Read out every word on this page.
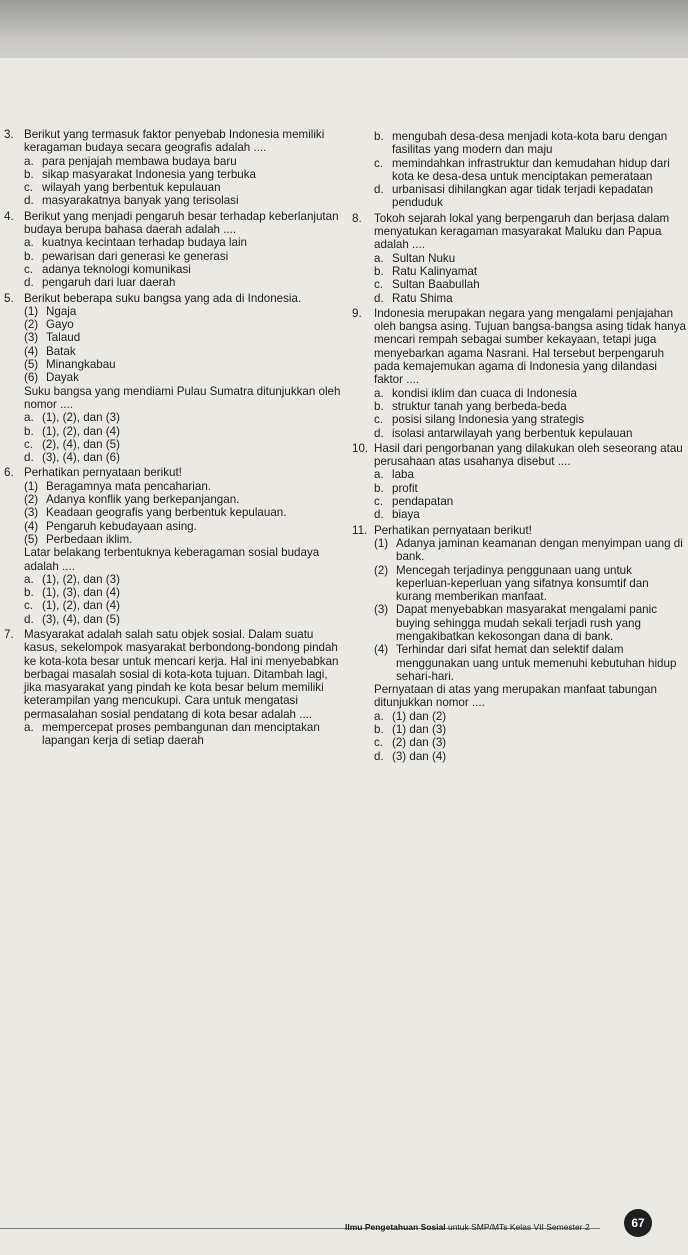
3. Berikut yang termasuk faktor penyebab Indonesia memiliki keragaman budaya secara geografis adalah ....
a. para penjajah membawa budaya baru
b. sikap masyarakat Indonesia yang terbuka
c. wilayah yang berbentuk kepulauan
d. masyarakatnya banyak yang terisolasi
4. Berikut yang menjadi pengaruh besar terhadap keberlanjutan budaya berupa bahasa daerah adalah ....
a. kuatnya kecintaan terhadap budaya lain
b. pewarisan dari generasi ke generasi
c. adanya teknologi komunikasi
d. pengaruh dari luar daerah
5. Berikut beberapa suku bangsa yang ada di Indonesia.
(1) Ngaja
(2) Gayo
(3) Talaud
(4) Batak
(5) Minangkabau
(6) Dayak
Suku bangsa yang mendiami Pulau Sumatra ditunjukkan oleh nomor ....
a. (1), (2), dan (3)
b. (1), (2), dan (4)
c. (2), (4), dan (5)
d. (3), (4), dan (6)
6. Perhatikan pernyataan berikut!
(1) Beragamnya mata pencaharian.
(2) Adanya konflik yang berkepanjangan.
(3) Keadaan geografis yang berbentuk kepulauan.
(4) Pengaruh kebudayaan asing.
(5) Perbedaan iklim.
Latar belakang terbentuknya keberagaman sosial budaya adalah ....
a. (1), (2), dan (3)
b. (1), (3), dan (4)
c. (1), (2), dan (4)
d. (3), (4), dan (5)
7. Masyarakat adalah salah satu objek sosial. Dalam suatu kasus, sekelompok masyarakat berbondong-bondong pindah ke kota-kota besar untuk mencari kerja. Hal ini menyebabkan berbagai masalah sosial di kota-kota tujuan. Ditambah lagi, jika masyarakat yang pindah ke kota besar belum memiliki keterampilan yang mencukupi. Cara untuk mengatasi permasalahan sosial pendatang di kota besar adalah ....
a. mempercepat proses pembangunan dan menciptakan lapangan kerja di setiap daerah
b. mengubah desa-desa menjadi kota-kota baru dengan fasilitas yang modern dan maju
c. memindahkan infrastruktur dan kemudahan hidup dari kota ke desa-desa untuk menciptakan pemerataan
d. urbanisasi dihilangkan agar tidak terjadi kepadatan penduduk
8.	Tokoh sejarah lokal yang berpengaruh dan berjasa dalam menyatukan keragaman masyarakat Maluku dan Papua adalah ....
a. Sultan Nuku
b. Ratu Kalinyamat
c. Sultan Baabullah
d. Ratu Shima
9.	Indonesia merupakan negara yang mengalami penjajahan oleh bangsa asing. Tujuan bangsa-bangsa asing tidak hanya mencari rempah sebagai sumber kekayaan, tetapi juga menyebarkan agama Nasrani. Hal tersebut berpengaruh pada kemajemukan agama di Indonesia yang dilandasi faktor ....
a. kondisi iklim dan cuaca di Indonesia
b. struktur tanah yang berbeda-beda
c. posisi silang Indonesia yang strategis
d. isolasi antarwilayah yang berbentuk kepulauan
10. Hasil dari pengorbanan yang dilakukan oleh seseorang atau perusahaan atas usahanya disebut ....
a. laba
b. profit
c. pendapatan
d. biaya
11. Perhatikan pernyataan berikut!
(1) Adanya jaminan keamanan dengan menyimpan uang di bank.
(2) Mencegah terjadinya penggunaan uang untuk keperluan-keperluan yang sifatnya konsumtif dan kurang memberikan manfaat.
(3) Dapat menyebabkan masyarakat mengalami panic buying sehingga mudah sekali terjadi rush yang mengakibatkan kekosongan dana di bank.
(4) Terhindar dari sifat hemat dan selektif dalam menggunakan uang untuk memenuhi kebutuhan hidup sehari-hari.
Pernyataan di atas yang merupakan manfaat tabungan ditunjukkan nomor ....
a. (1) dan (2)
b. (1) dan (3)
c. (2) dan (3)
d. (3) dan (4)
Ilmu Pengetahuan Sosial untuk SMP/MTs Kelas VII Semester 2	67
